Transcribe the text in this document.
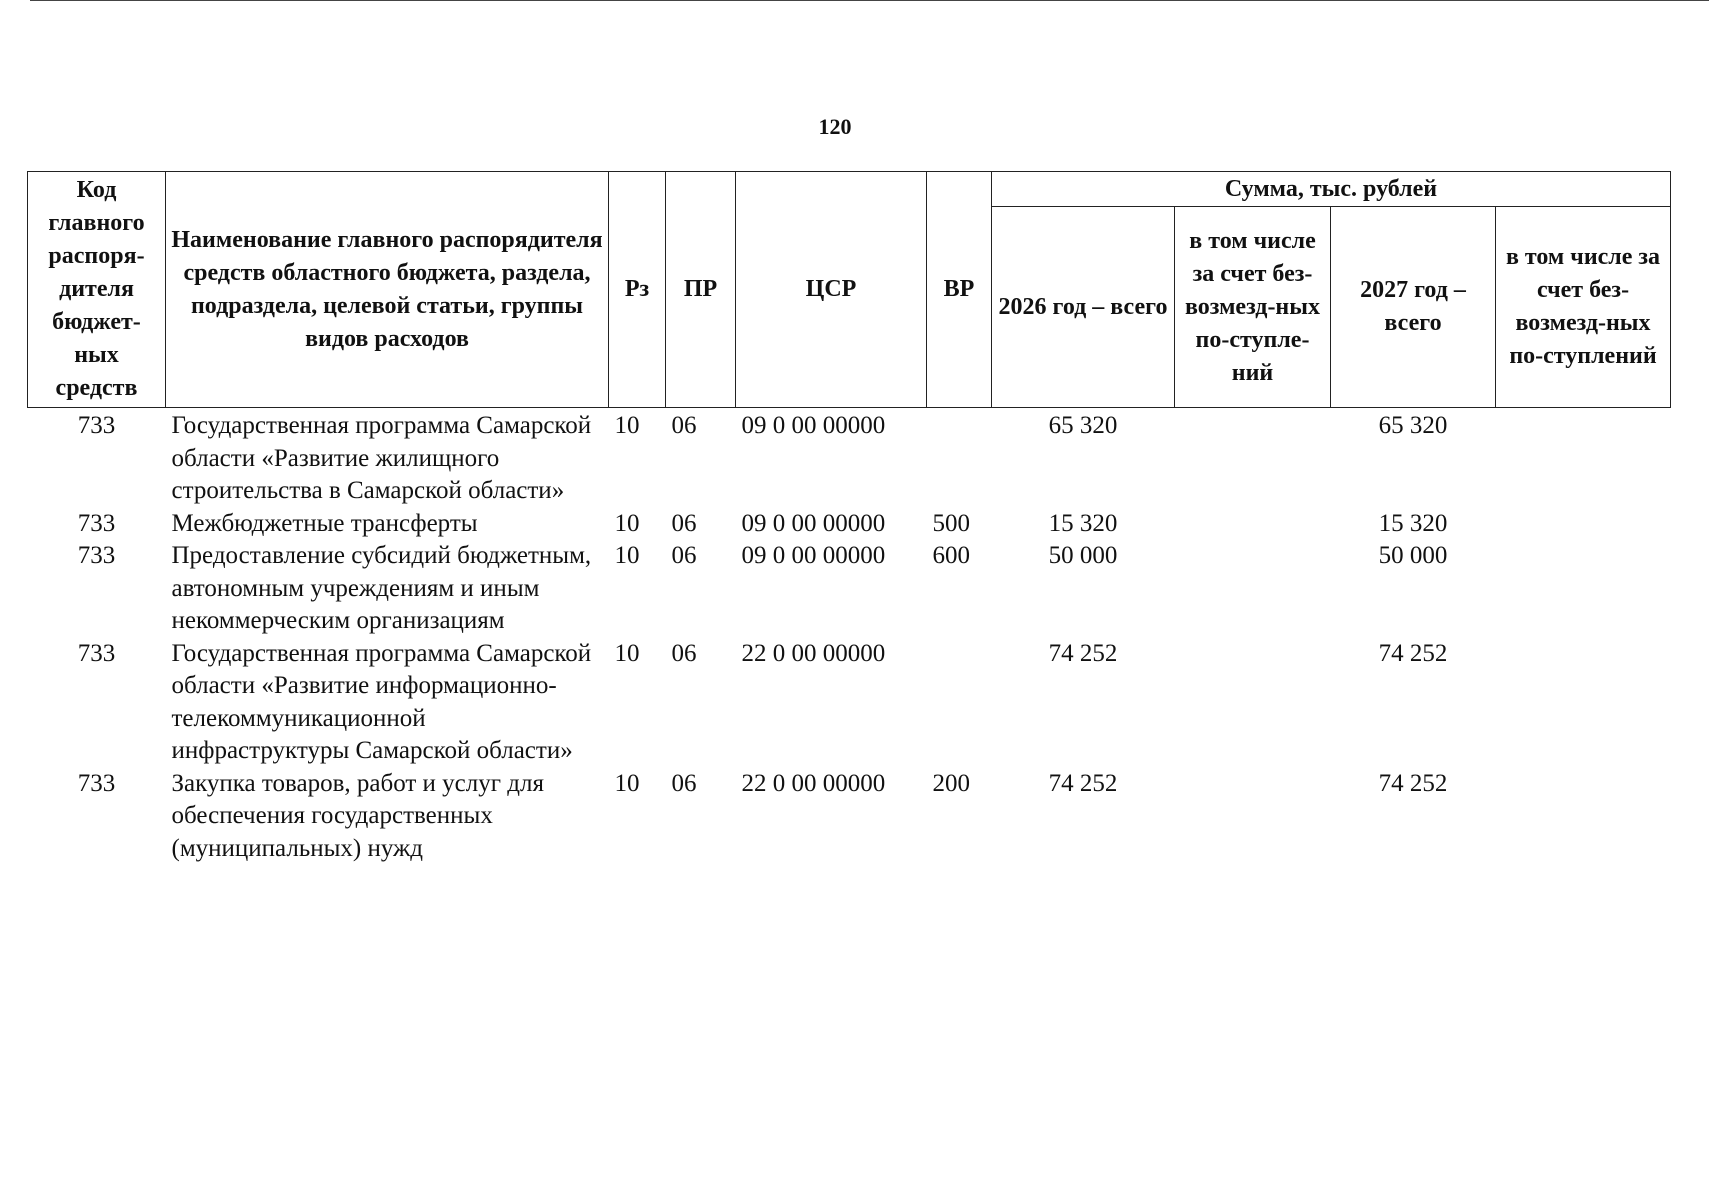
120
Код главного распоря-дителя бюджет-ных средств	Наименование главного распорядителя средств областного бюджета, раздела, подраздела, целевой статьи, группы видов расходов	Рз	ПР	ЦСР	ВР	Сумма, тыс. рублей			
						2026 год – всего	в том числе за счет без-возмезд-ных по-ступле-ний	2027 год – всего	в том числе за счет без-возмезд-ных по-ступлений
733	Государственная программа Самарской области «Развитие жилищного строительства в Самарской области»	10	06	09 0 00 00000		65 320		65 320	
733	Межбюджетные трансферты	10	06	09 0 00 00000	500	15 320		15 320	
733	Предоставление субсидий бюджетным, автономным учреждениям и иным некоммерческим организациям	10	06	09 0 00 00000	600	50 000		50 000	
733	Государственная программа Самарской области «Развитие информационно-телекоммуникационной инфраструктуры Самарской области»	10	06	22 0 00 00000		74 252		74 252	
733	Закупка товаров, работ и услуг для обеспечения государственных (муниципальных) нужд	10	06	22 0 00 00000	200	74 252		74 252	
